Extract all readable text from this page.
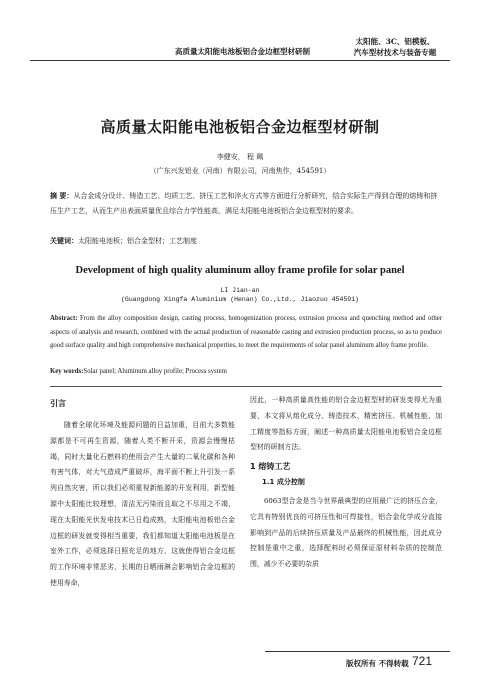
高质量太阳能电池板铝合金边框型材研制
太阳能、3C、铝模板、
汽车型材技术与装备专题
高质量太阳能电池板铝合金边框型材研制
李健安， 程 珮
（广东兴发铝业（河南）有限公司，河南焦作，454591）
摘 要：从合金成分设计、铸造工艺、均质工艺、挤压工艺和淬火方式等方面进行分析研究，结合实际生产得到合理的熔铸和挤压生产工艺，从而生产出表面质量优且综合力学性能高，满足太阳能电池板铝合金边框型材的要求。
关键词：太阳能电池板；铝合金型材；工艺制度
Development of high quality aluminum alloy frame profile for solar panel
LI Jian-an
(Guangdong Xingfa Aluminium (Henan) Co.,Ltd., Jiaozuo 454591)
Abstract: From the alloy composition design, casting process, homogenization process, extrusion process and quenching method and other aspects of analysis and research, combined with the actual production of reasonable casting and extrusion production process, so as to produce good surface quality and high comprehensive mechanical properties, to meet the requirements of solar panel aluminum alloy frame profile.
Key words:Solar panel; Aluminum alloy profile; Process system
引言

随着全球化环境及能源问题的日益加重，目前大多数能源都是不可再生资源，随着人类不断开采，资源会慢慢枯竭，同时大量化石燃料的使用会产生大量的二氧化碳和各种有害气体，对大气造成严重破坏，海平面不断上升引发一系列自然灾害，所以我们必须重视新能源的开发利用，新型能源中太阳能比较理想，清洁无污染而且取之不尽用之不竭，现在太阳能光伏发电技术已日趋成熟，太阳能电池板铝合金边框的研发就变得相当重要，我们都知道太阳能电池板是在室外工作，必须选择日照充足的地方，这就使得铝合金边框的工作环境非常恶劣，长期的日晒雨淋会影响铝合金边框的使用寿命，

因此，一种高质量高性能的铝合金边框型材的研发变得尤为重要，本文将从熔化成分、铸造技术、精密挤压、机械性能、加工精度等指标方面，阐述一种高质量太阳能电池板铝合金边框型材的研制方法。

1 熔铸工艺
1.1 成分控制

6063型合金是当今世界最典型的应用最广泛的挤压合金，它具有特别优良的可挤压性和可焊接性，铝合金化学成分直接影响到产品的后续挤压质量及产品最终的机械性能，因此成分控制是重中之重，选择配料时必须保证原材料杂质的控制范围，减少不必要的杂质

版权所有 不得转载 721
